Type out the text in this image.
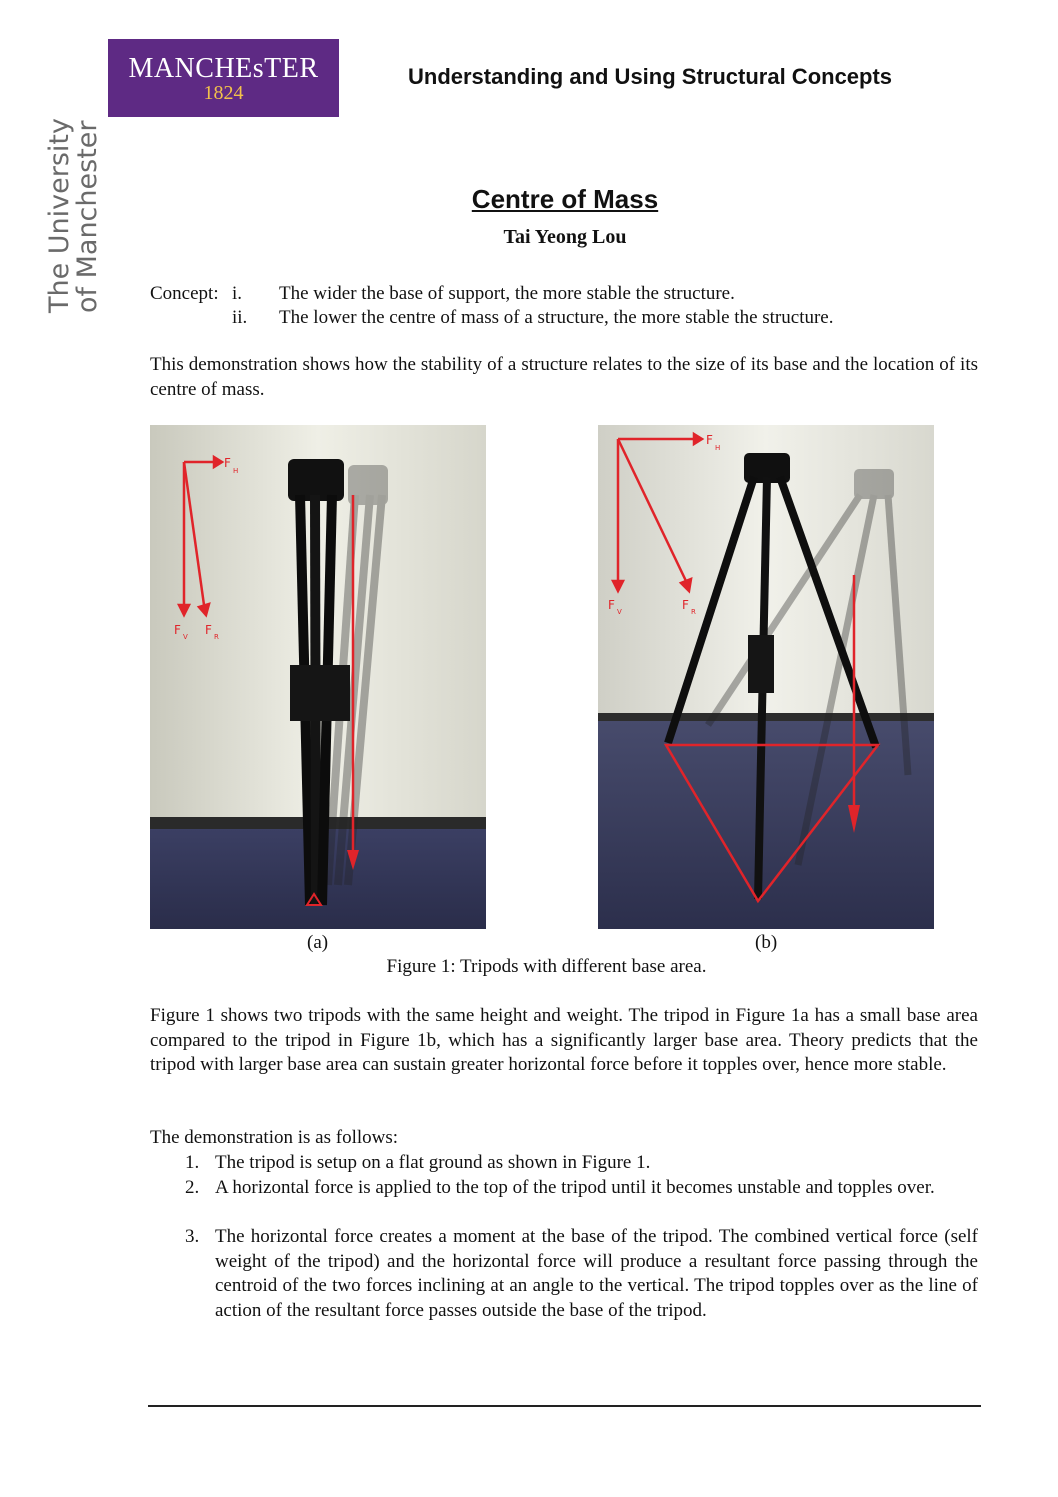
MANCHEsTER
1824
The University
of Manchester
Understanding and Using Structural Concepts
Centre of Mass
Tai Yeong Lou
Concept: i. The wider the base of support, the more stable the structure.
ii. The lower the centre of mass of a structure, the more stable the structure.
This demonstration shows how the stability of a structure relates to the size of its base and the location of its centre of mass.
F
H
F V F R
F
H
F V	F R
(a)	(b)
Figure 1: Tripods with different base area.
Figure 1 shows two tripods with the same height and weight. The tripod in Figure 1a has a small base area compared to the tripod in Figure 1b, which has a significantly larger base area. Theory predicts that the tripod with larger base area can sustain greater horizontal force before it topples over, hence more stable.
The demonstration is as follows:
1. The tripod is setup on a flat ground as shown in Figure 1.
2. A horizontal force is applied to the top of the tripod until it becomes unstable and topples over.
3. The horizontal force creates a moment at the base of the tripod. The combined vertical force (self weight of the tripod) and the horizontal force will produce a resultant force passing through the centroid of the two forces inclining at an angle to the vertical. The tripod topples over as the line of action of the resultant force passes outside the base of the tripod.
